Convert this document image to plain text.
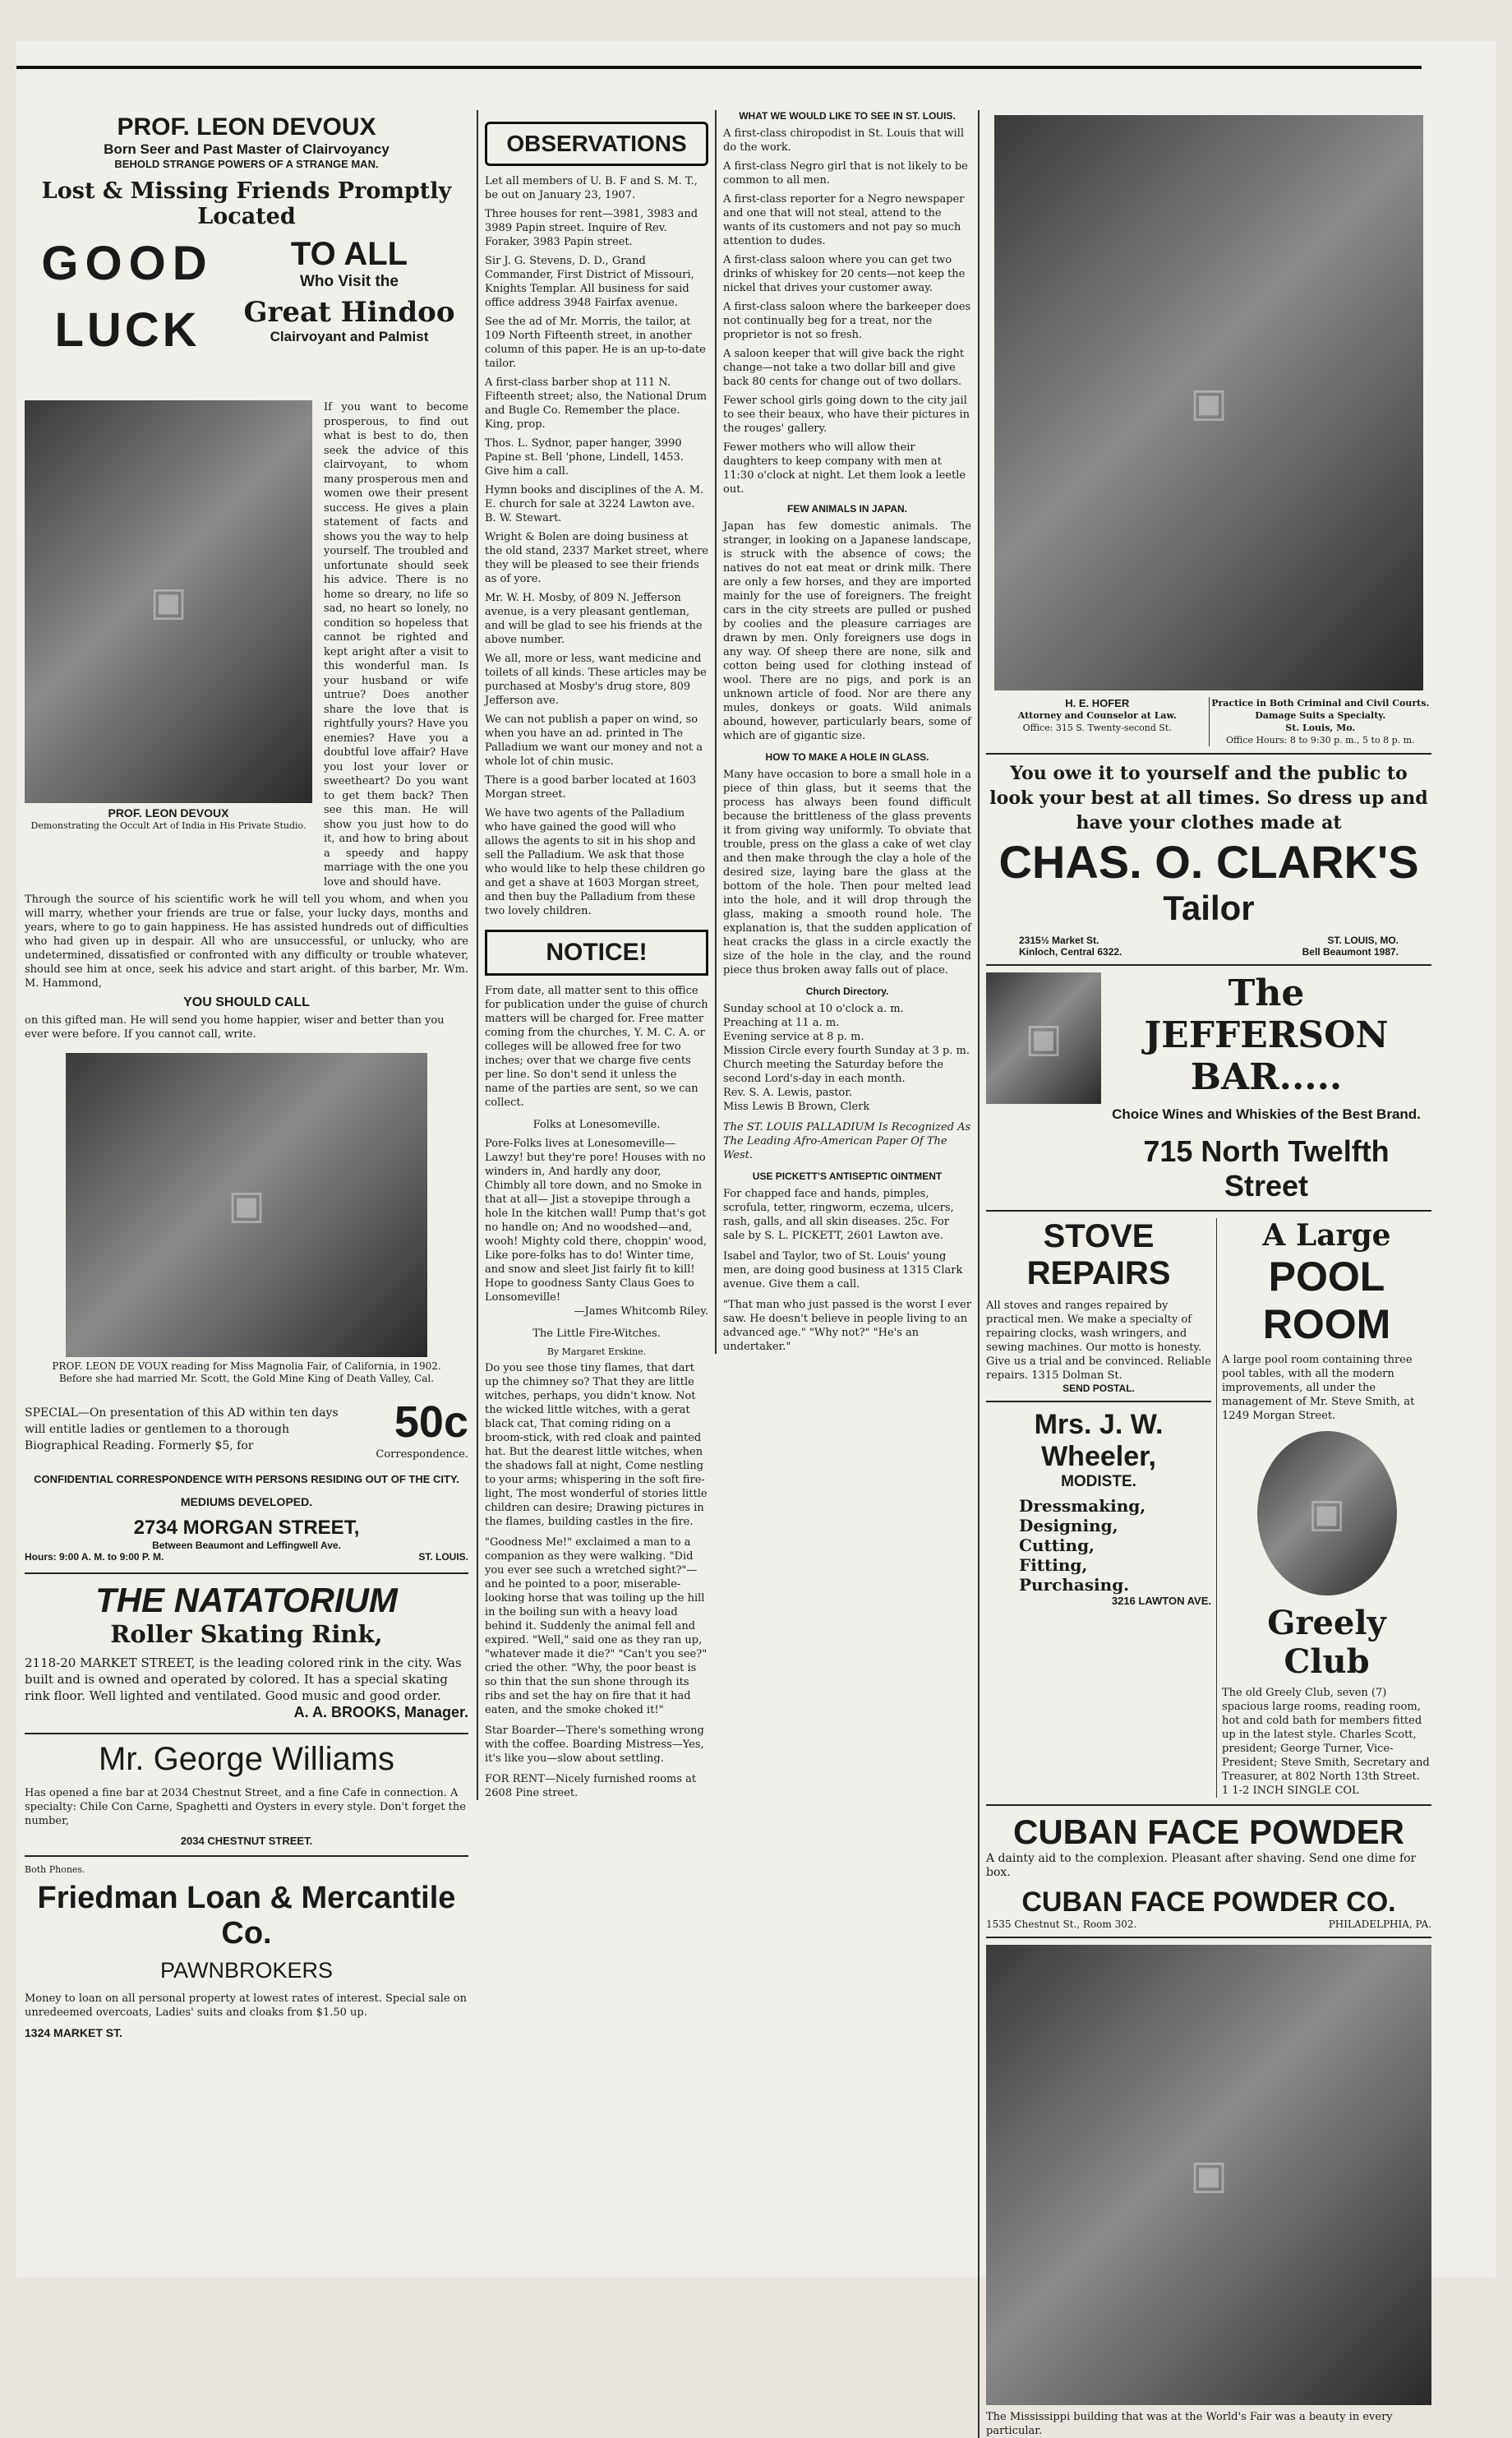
PROF. LEON DEVOUX
Born Seer and Past Master of Clairvoyancy
BEHOLD STRANGE POWERS OF A STRANGE MAN.
Lost & Missing Friends Promptly Located
GOOD
LUCK
TO ALL
Who Visit the
Great Hindoo
Clairvoyant and Palmist
▣
PROF. LEON DEVOUX
Demonstrating the Occult Art of India in His Private Studio.
If you want to become prosperous, to find out what is best to do, then seek the advice of this clairvoyant, to whom many prosperous men and women owe their present success. He gives a plain statement of facts and shows you the way to help yourself. The troubled and unfortunate should seek his advice. There is no home so dreary, no life so sad, no heart so lonely, no condition so hopeless that cannot be righted and kept aright after a visit to this wonderful man. Is your husband or wife untrue? Does another share the love that is rightfully yours? Have you enemies? Have you a doubtful love affair? Have you lost your lover or sweetheart? Do you want to get them back? Then see this man. He will show you just how to do it, and how to bring about a speedy and happy marriage with the one you love and should have.
Through the source of his scientific work he will tell you whom, and when you will marry, whether your friends are true or false, your lucky days, months and years, where to go to gain happiness. He has assisted hundreds out of difficulties who had given up in despair. All who are unsuccessful, or unlucky, who are undetermined, dissatisfied or confronted with any difficulty or trouble whatever, should see him at once, seek his advice and start aright. of this barber, Mr. Wm. M. Hammond,
YOU SHOULD CALL
on this gifted man. He will send you home happier, wiser and better than you ever were before. If you cannot call, write.
▣
PROF. LEON DE VOUX reading for Miss Magnolia Fair, of California, in 1902. Before she had married Mr. Scott, the Gold Mine King of Death Valley, Cal.
SPECIAL—On presentation of this AD within ten days will entitle ladies or gentlemen to a thorough Biographical Reading. Formerly $5, for	50c
Correspondence.
CONFIDENTIAL CORRESPONDENCE WITH PERSONS RESIDING OUT OF THE CITY.
MEDIUMS DEVELOPED.
2734 MORGAN STREET,
Between Beaumont and Leffingwell Ave.
Hours: 9:00 A. M. to 9:00 P. M.	ST. LOUIS.
THE NATATORIUM
Roller Skating Rink,
2118-20 MARKET STREET, is the leading colored rink in the city. Was built and is owned and operated by colored. It has a special skating rink floor. Well lighted and ventilated. Good music and good order.
A. A. BROOKS, Manager.
Mr. George Williams
Has opened a fine bar at 2034 Chestnut Street, and a fine Cafe in connection. A specialty: Chile Con Carne, Spaghetti and Oysters in every style. Don't forget the number,
2034 CHESTNUT STREET.
Both Phones.
Friedman Loan & Mercantile Co.
PAWNBROKERS
Money to loan on all personal property at lowest rates of interest. Special sale on unredeemed overcoats, Ladies' suits and cloaks from $1.50 up.
1324 MARKET ST.
OBSERVATIONS

Let all members of U. B. F and S. M. T., be out on January 23, 1907.

Three houses for rent—3981, 3983 and 3989 Papin street. Inquire of Rev. Foraker, 3983 Papin street.

Sir J. G. Stevens, D. D., Grand Commander, First District of Missouri, Knights Templar. All business for said office address 3948 Fairfax avenue.

See the ad of Mr. Morris, the tailor, at 109 North Fifteenth street, in another column of this paper. He is an up-to-date tailor.

A first-class barber shop at 111 N. Fifteenth street; also, the National Drum and Bugle Co. Remember the place. King, prop.

Thos. L. Sydnor, paper hanger, 3990 Papine st. Bell 'phone, Lindell, 1453. Give him a call.

Hymn books and disciplines of the A. M. E. church for sale at 3224 Lawton ave. B. W. Stewart.

Wright & Bolen are doing business at the old stand, 2337 Market street, where they will be pleased to see their friends as of yore.

Mr. W. H. Mosby, of 809 N. Jefferson avenue, is a very pleasant gentleman, and will be glad to see his friends at the above number.

We all, more or less, want medicine and toilets of all kinds. These articles may be purchased at Mosby's drug store, 809 Jefferson ave.

We can not publish a paper on wind, so when you have an ad. printed in The Palladium we want our money and not a whole lot of chin music.

There is a good barber located at 1603 Morgan street.

We have two agents of the Palladium who have gained the good will who allows the agents to sit in his shop and sell the Palladium. We ask that those who would like to help these children go and get a shave at 1603 Morgan street, and then buy the Palladium from these two lovely children.

NOTICE!
From date, all matter sent to this office for publication under the guise of church matters will be charged for. Free matter coming from the churches, Y. M. C. A. or colleges will be allowed free for two inches; over that we charge five cents per line. So don't send it unless the name of the parties are sent, so we can collect.
Folks at Lonesomeville.
Pore-Folks lives at Lonesomeville— Lawzy! but they're pore! Houses with no winders in, And hardly any door, Chimbly all tore down, and no Smoke in that at all— Jist a stovepipe through a hole In the kitchen wall! Pump that's got no handle on; And no woodshed—and, wooh! Mighty cold there, choppin' wood, Like pore-folks has to do! Winter time, and snow and sleet Jist fairly fit to kill! Hope to goodness Santy Claus Goes to Lonsomeville!
—James Whitcomb Riley.
The Little Fire-Witches.
By Margaret Erskine.
Do you see those tiny flames, that dart up the chimney so? That they are little witches, perhaps, you didn't know. Not the wicked little witches, with a gerat black cat, That coming riding on a broom-stick, with red cloak and painted hat. But the dearest little witches, when the shadows fall at night, Come nestling to your arms; whispering in the soft fire-light, The most wonderful of stories little children can desire; Drawing pictures in the flames, building castles in the fire.
"Goodness Me!" exclaimed a man to a companion as they were walking. "Did you ever see such a wretched sight?"—and he pointed to a poor, miserable-looking horse that was toiling up the hill in the boiling sun with a heavy load behind it. Suddenly the animal fell and expired. "Well," said one as they ran up, "whatever made it die?" "Can't you see?" cried the other. "Why, the poor beast is so thin that the sun shone through its ribs and set the hay on fire that it had eaten, and the smoke choked it!"
Star Boarder—There's something wrong with the coffee. Boarding Mistress—Yes, it's like you—slow about settling.
FOR RENT—Nicely furnished rooms at 2608 Pine street.
WHAT WE WOULD LIKE TO SEE IN ST. LOUIS.

A first-class chiropodist in St. Louis that will do the work.

A first-class Negro girl that is not likely to be common to all men.

A first-class reporter for a Negro newspaper and one that will not steal, attend to the wants of its customers and not pay so much attention to dudes.

A first-class saloon where you can get two drinks of whiskey for 20 cents—not keep the nickel that drives your customer away.

A first-class saloon where the barkeeper does not continually beg for a treat, nor the proprietor is not so fresh.

A saloon keeper that will give back the right change—not take a two dollar bill and give back 80 cents for change out of two dollars.

Fewer school girls going down to the city jail to see their beaux, who have their pictures in the rouges' gallery.

Fewer mothers who will allow their daughters to keep company with men at 11:30 o'clock at night. Let them look a leetle out.

FEW ANIMALS IN JAPAN.
Japan has few domestic animals. The stranger, in looking on a Japanese landscape, is struck with the absence of cows; the natives do not eat meat or drink milk. There are only a few horses, and they are imported mainly for the use of foreigners. The freight cars in the city streets are pulled or pushed by coolies and the pleasure carriages are drawn by men. Only foreigners use dogs in any way. Of sheep there are none, silk and cotton being used for clothing instead of wool. There are no pigs, and pork is an unknown article of food. Nor are there any mules, donkeys or goats. Wild animals abound, however, particularly bears, some of which are of gigantic size.
HOW TO MAKE A HOLE IN GLASS.
Many have occasion to bore a small hole in a piece of thin glass, but it seems that the process has always been found difficult because the brittleness of the glass prevents it from giving way uniformly. To obviate that trouble, press on the glass a cake of wet clay and then make through the clay a hole of the desired size, laying bare the glass at the bottom of the hole. Then pour melted lead into the hole, and it will drop through the glass, making a smooth round hole. The explanation is, that the sudden application of heat cracks the glass in a circle exactly the size of the hole in the clay, and the round piece thus broken away falls out of place.
Church Directory.

Sunday school at 10 o'clock a. m.

Preaching at 11 a. m.

Evening service at 8 p. m.

Mission Circle every fourth Sunday at 3 p. m.

Church meeting the Saturday before the second Lord's-day in each month.

Rev. S. A. Lewis, pastor.

Miss Lewis B Brown, Clerk

The ST. LOUIS PALLADIUM Is Recognized As The Leading Afro-American Paper Of The West.
USE PICKETT'S ANTISEPTIC OINTMENT
For chapped face and hands, pimples, scrofula, tetter, ringworm, eczema, ulcers, rash, galls, and all skin diseases. 25c. For sale by S. L. PICKETT, 2601 Lawton ave.
Isabel and Taylor, two of St. Louis' young men, are doing good business at 1315 Clark avenue. Give them a call.
"That man who just passed is the worst I ever saw. He doesn't believe in people living to an advanced age." "Why not?" "He's an undertaker."
▣
H. E. HOFER
Attorney and Counselor at Law.
Office: 315 S. Twenty-second St.
Practice in Both Criminal and Civil Courts. Damage Suits a Specialty.
St. Louis, Mo.
Office Hours: 8 to 9:30 p. m., 5 to 8 p. m.
You owe it to yourself and the public to look your best at all times. So dress up and have your clothes made at
CHAS. O. CLARK'S
Tailor
2315½ Market St.	ST. LOUIS, MO.
Kinloch, Central 6322.	Bell Beaumont 1987.
▣
The JEFFERSON BAR.....
Choice Wines and Whiskies of the Best Brand.
715 North Twelfth Street
STOVE REPAIRS
All stoves and ranges repaired by practical men. We make a specialty of repairing clocks, wash wringers, and sewing machines. Our motto is honesty. Give us a trial and be convinced. Reliable repairs. 1315 Dolman St.
SEND POSTAL.
Mrs. J. W. Wheeler,
MODISTE.

Dressmaking,

Designing,

Cutting,

Fitting,

Purchasing.

3216 LAWTON AVE.
A Large
POOL ROOM
A large pool room containing three pool tables, with all the modern improvements, all under the management of Mr. Steve Smith, at 1249 Morgan Street.
▣
Greely Club
The old Greely Club, seven (7) spacious large rooms, reading room, hot and cold bath for members fitted up in the latest style. Charles Scott, president; George Turner, Vice-President; Steve Smith, Secretary and Treasurer, at 802 North 13th Street.
1 1-2 INCH SINGLE COL
CUBAN FACE POWDER
A dainty aid to the complexion. Pleasant after shaving. Send one dime for box.
CUBAN FACE POWDER CO.
1535 Chestnut St., Room 302.	PHILADELPHIA, PA.
▣
The Mississippi building that was at the World's Fair was a beauty in every particular.
